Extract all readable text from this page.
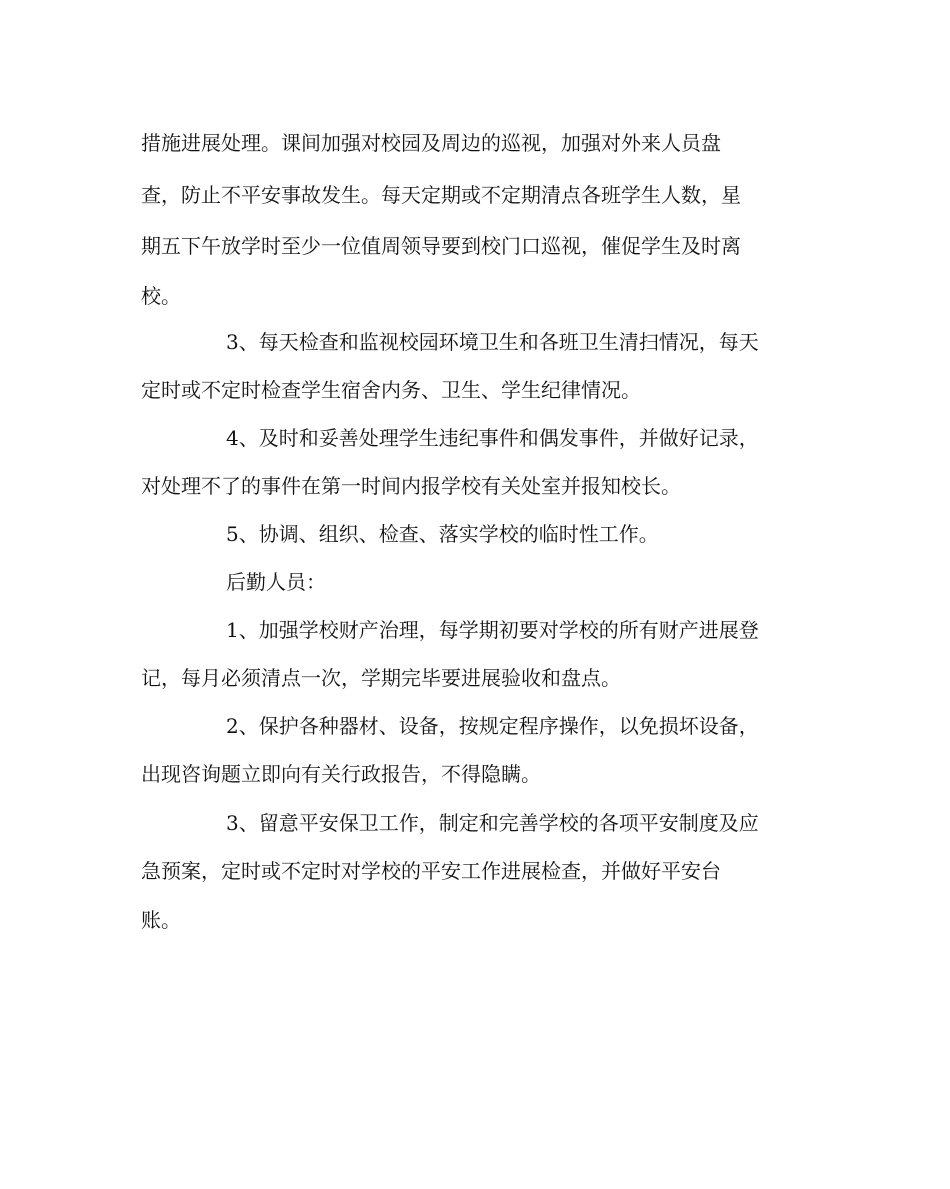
措施进展处理。课间加强对校园及周边的巡视，加强对外来人员盘

查，防止不平安事故发生。每天定期或不定期清点各班学生人数，星

期五下午放学时至少一位值周领导要到校门口巡视，催促学生及时离

校。

3、每天检查和监视校园环境卫生和各班卫生清扫情况，每天

定时或不定时检查学生宿舍内务、卫生、学生纪律情况。

4、及时和妥善处理学生违纪事件和偶发事件，并做好记录，

对处理不了的事件在第一时间内报学校有关处室并报知校长。

5、协调、组织、检查、落实学校的临时性工作。

后勤人员：

1、加强学校财产治理，每学期初要对学校的所有财产进展登

记，每月必须清点一次，学期完毕要进展验收和盘点。

2、保护各种器材、设备，按规定程序操作，以免损坏设备，

出现咨询题立即向有关行政报告，不得隐瞒。

3、留意平安保卫工作，制定和完善学校的各项平安制度及应

急预案，定时或不定时对学校的平安工作进展检查，并做好平安台

账。
